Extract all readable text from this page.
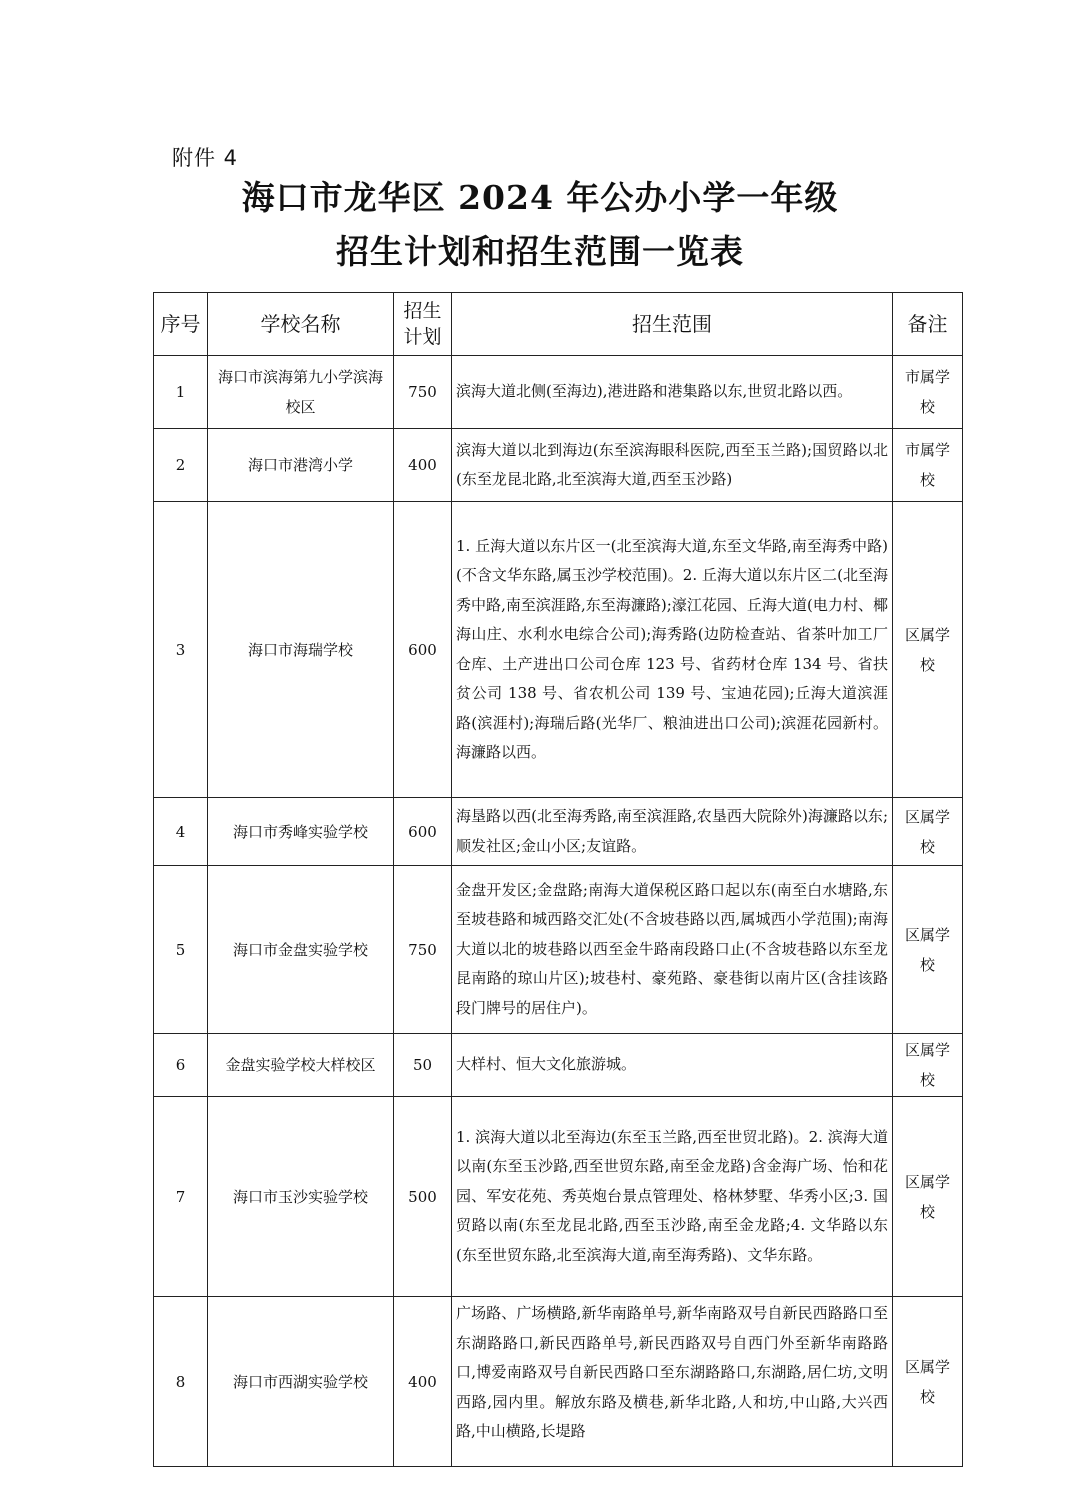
附件 4
海口市龙华区 2024 年公办小学一年级
招生计划和招生范围一览表
序号	学校名称	招生计划	招生范围	备注
1	海口市滨海第九小学滨海校区	750	滨海大道北侧(至海边),港进路和港集路以东,世贸北路以西。	市属学校
2	海口市港湾小学	400	滨海大道以北到海边(东至滨海眼科医院,西至玉兰路);国贸路以北(东至龙昆北路,北至滨海大道,西至玉沙路)	市属学校
3	海口市海瑞学校	600	1. 丘海大道以东片区一(北至滨海大道,东至文华路,南至海秀中路)(不含文华东路,属玉沙学校范围)。2. 丘海大道以东片区二(北至海秀中路,南至滨涯路,东至海濂路);濠江花园、丘海大道(电力村、椰海山庄、水利水电综合公司);海秀路(边防检查站、省茶叶加工厂仓库、土产进出口公司仓库 123 号、省药材仓库 134 号、省扶贫公司 138 号、省农机公司 139 号、宝迪花园);丘海大道滨涯路(滨涯村);海瑞后路(光华厂、粮油进出口公司);滨涯花园新村。海濂路以西。	区属学校
4	海口市秀峰实验学校	600	海垦路以西(北至海秀路,南至滨涯路,农垦西大院除外)海濂路以东;顺发社区;金山小区;友谊路。	区属学校
5	海口市金盘实验学校	750	金盘开发区;金盘路;南海大道保税区路口起以东(南至白水塘路,东至坡巷路和城西路交汇处(不含坡巷路以西,属城西小学范围);南海大道以北的坡巷路以西至金牛路南段路口止(不含坡巷路以东至龙昆南路的琼山片区);坡巷村、豪苑路、豪巷街以南片区(含挂该路段门牌号的居住户)。	区属学校
6	金盘实验学校大样校区	50	大样村、恒大文化旅游城。	区属学校
7	海口市玉沙实验学校	500	1. 滨海大道以北至海边(东至玉兰路,西至世贸北路)。2. 滨海大道以南(东至玉沙路,西至世贸东路,南至金龙路)含金海广场、怡和花园、军安花苑、秀英炮台景点管理处、格林梦墅、华秀小区;3. 国贸路以南(东至龙昆北路,西至玉沙路,南至金龙路;4. 文华路以东(东至世贸东路,北至滨海大道,南至海秀路)、文华东路。	区属学校
8	海口市西湖实验学校	400	广场路、广场横路,新华南路单号,新华南路双号自新民西路路口至东湖路路口,新民西路单号,新民西路双号自西门外至新华南路路口,博爱南路双号自新民西路口至东湖路路口,东湖路,居仁坊,文明西路,园内里。解放东路及横巷,新华北路,人和坊,中山路,大兴西路,中山横路,长堤路	区属学校
